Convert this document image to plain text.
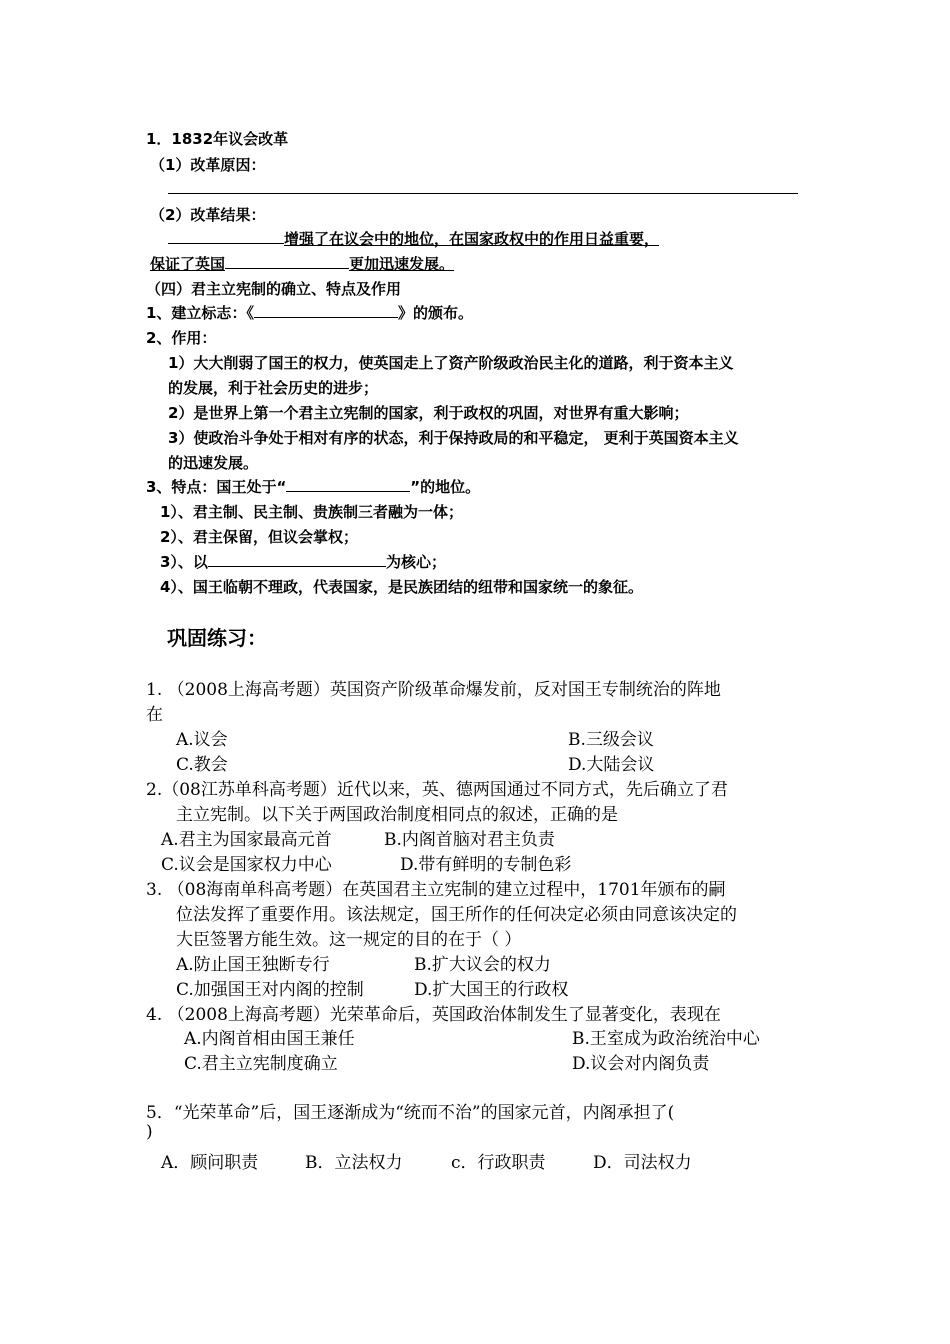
1．1832年议会改革
（1）改革原因：
（2）改革结果：
增强了在议会中的地位，在国家政权中的作用日益重要，
保证了英国	更加迅速发展。
（四）君主立宪制的确立、特点及作用
1、建立标志：《	》的颁布。
2、作用：
1）大大削弱了国王的权力，使英国走上了资产阶级政治民主化的道路，利于资本主义
的发展，利于社会历史的进步；
2）是世界上第一个君主立宪制的国家，利于政权的巩固，对世界有重大影响；
3）使政治斗争处于相对有序的状态，利于保持政局的和平稳定， 更利于英国资本主义
的迅速发展。
3、特点：国王处于“	”的地位。
1）、君主制、民主制、贵族制三者融为一体；
2）、君主保留，但议会掌权；
3）、以	为核心；
4）、国王临朝不理政，代表国家，是民族团结的纽带和国家统一的象征。
巩固练习：
1. （2008上海高考题）英国资产阶级革命爆发前，反对国王专制统治的阵地
在
A.议会	B.三级会议
C.教会	D.大陆会议
2.（08江苏单科高考题）近代以来，英、德两国通过不同方式，先后确立了君
主立宪制。以下关于两国政治制度相同点的叙述，正确的是
A.君主为国家最高元首	B.内阁首脑对君主负责
C.议会是国家权力中心	D.带有鲜明的专制色彩
3. （08海南单科高考题）在英国君主立宪制的建立过程中，1701年颁布的嗣
位法发挥了重要作用。该法规定，国王所作的任何决定必须由同意该决定的
大臣签署方能生效。这一规定的目的在于（ ）
A.防止国王独断专行	B.扩大议会的权力
C.加强国王对内阁的控制	D.扩大国王的行政权
4. （2008上海高考题）光荣革命后，英国政治体制发生了显著变化，表现在
A.内阁首相由国王兼任	B.王室成为政治统治中心
C.君主立宪制度确立	D.议会对内阁负责
5．“光荣革命”后，国王逐渐成为“统而不治”的国家元首，内阁承担了(
)
A．顾问职责	B．立法权力	c．行政职责	D．司法权力
